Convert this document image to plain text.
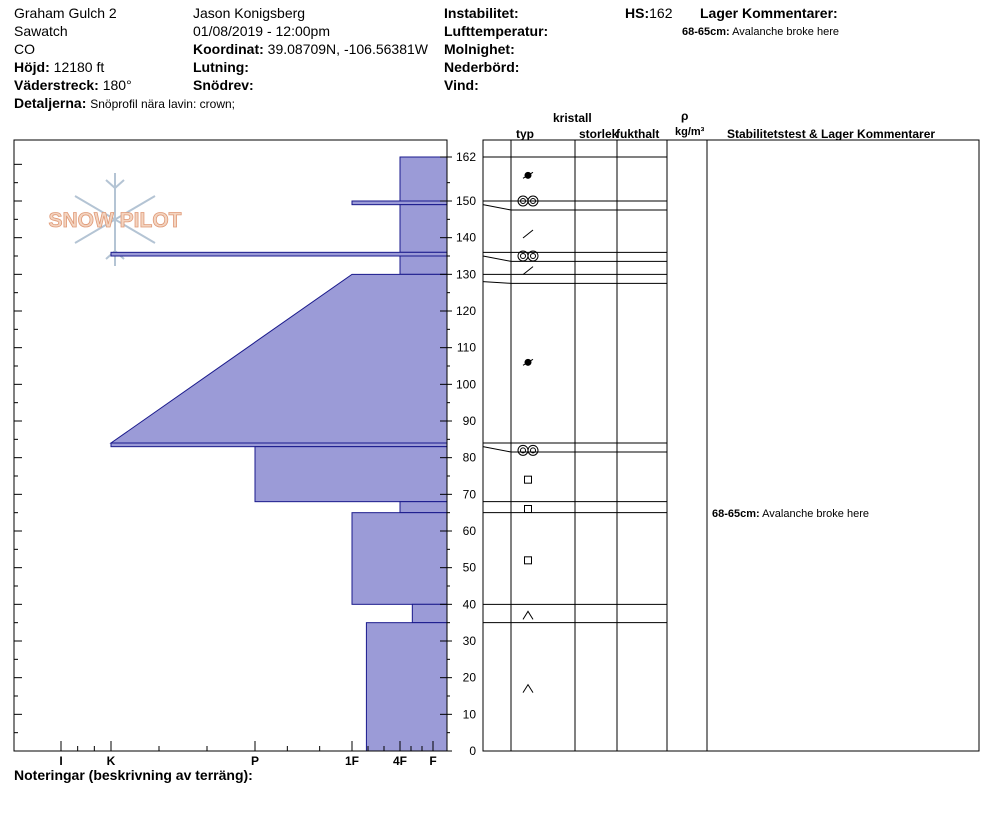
Graham Gulch 2
Sawatch
CO
Höjd: 12180 ft
Väderstreck: 180°
Detaljerna: Snöprofil nära lavin: crown;
Jason Konigsberg
01/08/2019 - 12:00pm
Koordinat: 39.08709N, -106.56381W
Lutning:
Snödrev:
Instabilitet:
Lufttemperatur:
Molnighet:
Nederbörd:
Vind:
HS:162 Lager Kommentarer:
68-65cm: Avalanche broke here
kristall
typ	storlek
fukthalt
ρ
kg/m³ Stabilitetstest & Lager Kommentarer
68-65cm: Avalanche broke here
Noteringar (beskrivning av terräng):
SNOW PILOT
I	K	P	1F	4F F
0
10
20
30
40
50
60
70
80
90
100
110
120
130
140
150
162
